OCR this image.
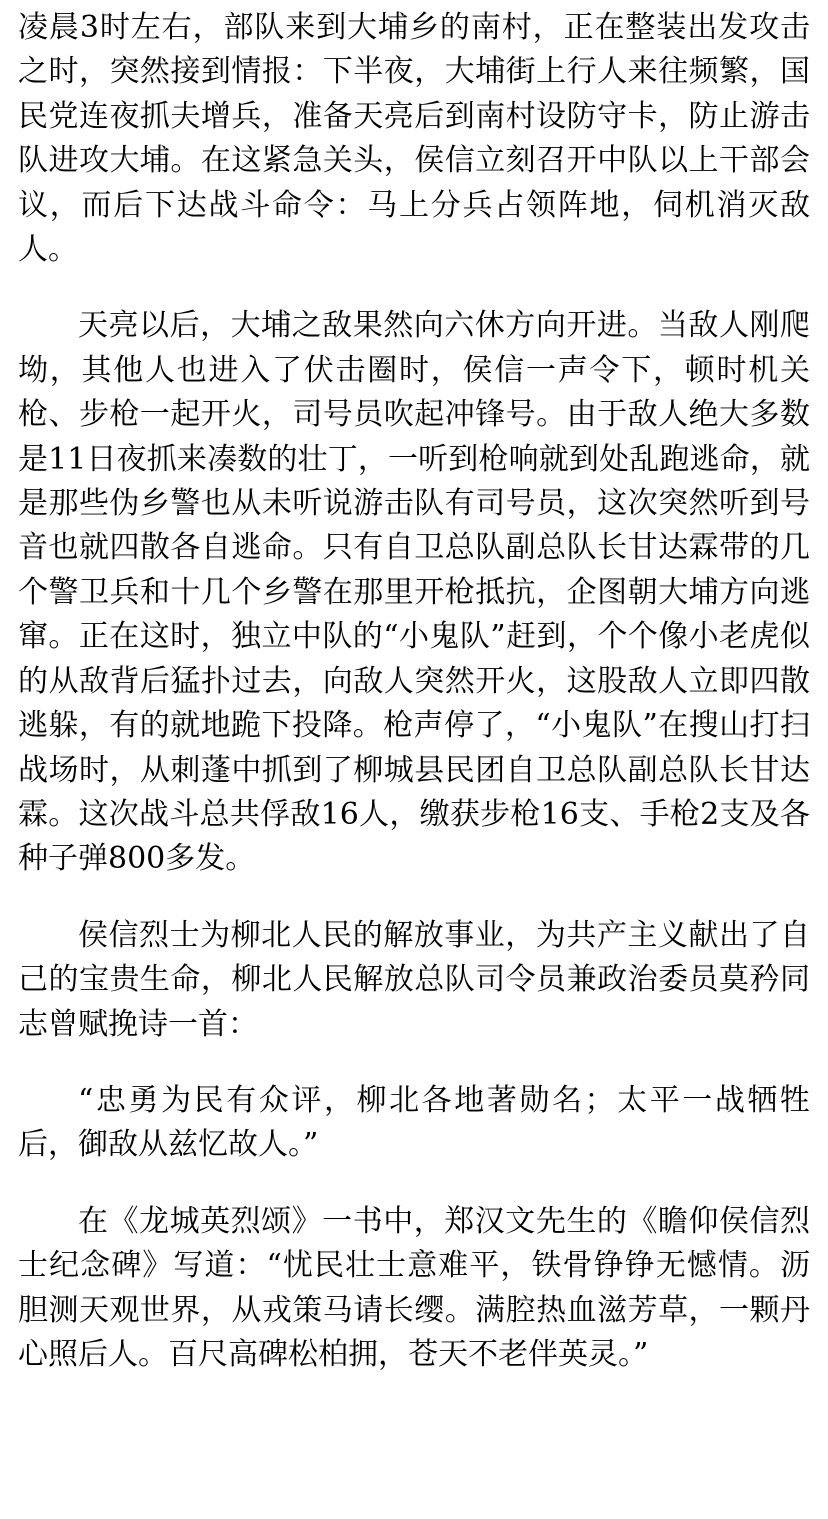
凌晨3时左右，部队来到大埔乡的南村，正在整装出发攻击之时，突然接到情报：下半夜，大埔街上行人来往频繁，国民党连夜抓夫增兵，准备天亮后到南村设防守卡，防止游击队进攻大埔。在这紧急关头，侯信立刻召开中队以上干部会议，而后下达战斗命令：马上分兵占领阵地，伺机消灭敌人。

天亮以后，大埔之敌果然向六休方向开进。当敌人刚爬坳，其他人也进入了伏击圈时，侯信一声令下，顿时机关枪、步枪一起开火，司号员吹起冲锋号。由于敌人绝大多数是11日夜抓来凑数的壮丁，一听到枪响就到处乱跑逃命，就是那些伪乡警也从未听说游击队有司号员，这次突然听到号音也就四散各自逃命。只有自卫总队副总队长甘达霖带的几个警卫兵和十几个乡警在那里开枪抵抗，企图朝大埔方向逃窜。正在这时，独立中队的“小鬼队”赶到，个个像小老虎似的从敌背后猛扑过去，向敌人突然开火，这股敌人立即四散逃躲，有的就地跪下投降。枪声停了，“小鬼队”在搜山打扫战场时，从刺蓬中抓到了柳城县民团自卫总队副总队长甘达霖。这次战斗总共俘敌16人，缴获步枪16支、手枪2支及各种子弹800多发。

侯信烈士为柳北人民的解放事业，为共产主义献出了自己的宝贵生命，柳北人民解放总队司令员兼政治委员莫矜同志曾赋挽诗一首：

“忠勇为民有众评，柳北各地著勋名；太平一战牺牲后，御敌从兹忆故人。”

在《龙城英烈颂》一书中，郑汉文先生的《瞻仰侯信烈士纪念碑》写道：“忧民壮士意难平，铁骨铮铮无憾情。沥胆测天观世界，从戎策马请长缨。满腔热血滋芳草，一颗丹心照后人。百尺高碑松柏拥，苍天不老伴英灵。”
